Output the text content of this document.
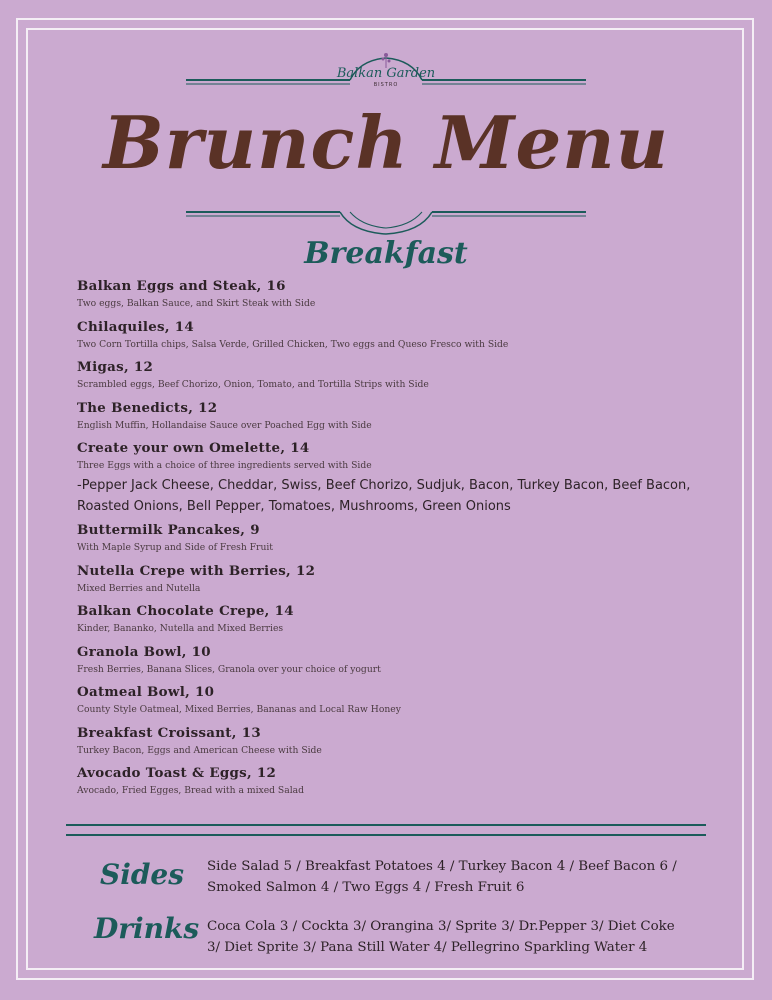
Balkan Garden
BISTRO
Brunch Menu
Breakfast
Balkan Eggs and Steak, 16
Two eggs, Balkan Sauce, and Skirt Steak with Side
Chilaquiles, 14
Two Corn Tortilla chips, Salsa Verde, Grilled Chicken, Two eggs and Queso Fresco with Side
Migas, 12
Scrambled eggs, Beef Chorizo, Onion, Tomato, and Tortilla Strips with Side
The Benedicts, 12
English Muffin, Hollandaise Sauce over Poached Egg with Side
Create your own Omelette, 14
Three Eggs with a choice of three ingredients served with Side
-Pepper Jack Cheese, Cheddar, Swiss, Beef Chorizo, Sudjuk, Bacon, Turkey Bacon, Beef Bacon, Roasted Onions, Bell Pepper, Tomatoes, Mushrooms, Green Onions
Buttermilk Pancakes, 9
With Maple Syrup and Side of Fresh Fruit
Nutella Crepe with Berries, 12
Mixed Berries and Nutella
Balkan Chocolate Crepe, 14
Kinder, Bananko, Nutella and Mixed Berries
Granola Bowl, 10
Fresh Berries, Banana Slices, Granola over your choice of yogurt
Oatmeal Bowl, 10
County Style Oatmeal, Mixed Berries, Bananas and Local Raw Honey
Breakfast Croissant, 13
Turkey Bacon, Eggs and American Cheese with Side
Avocado Toast & Eggs, 12
Avocado, Fried Egges, Bread with a mixed Salad
Sides Side Salad 5 / Breakfast Potatoes 4 / Turkey Bacon 4 / Beef Bacon 6 / Smoked Salmon 4 / Two Eggs 4 / Fresh Fruit 6
Drinks Coca Cola 3 / Cockta 3/ Orangina 3/ Sprite 3/ Dr.Pepper 3/ Diet Coke 3/ Diet Sprite 3/ Pana Still Water 4/ Pellegrino Sparkling Water 4
